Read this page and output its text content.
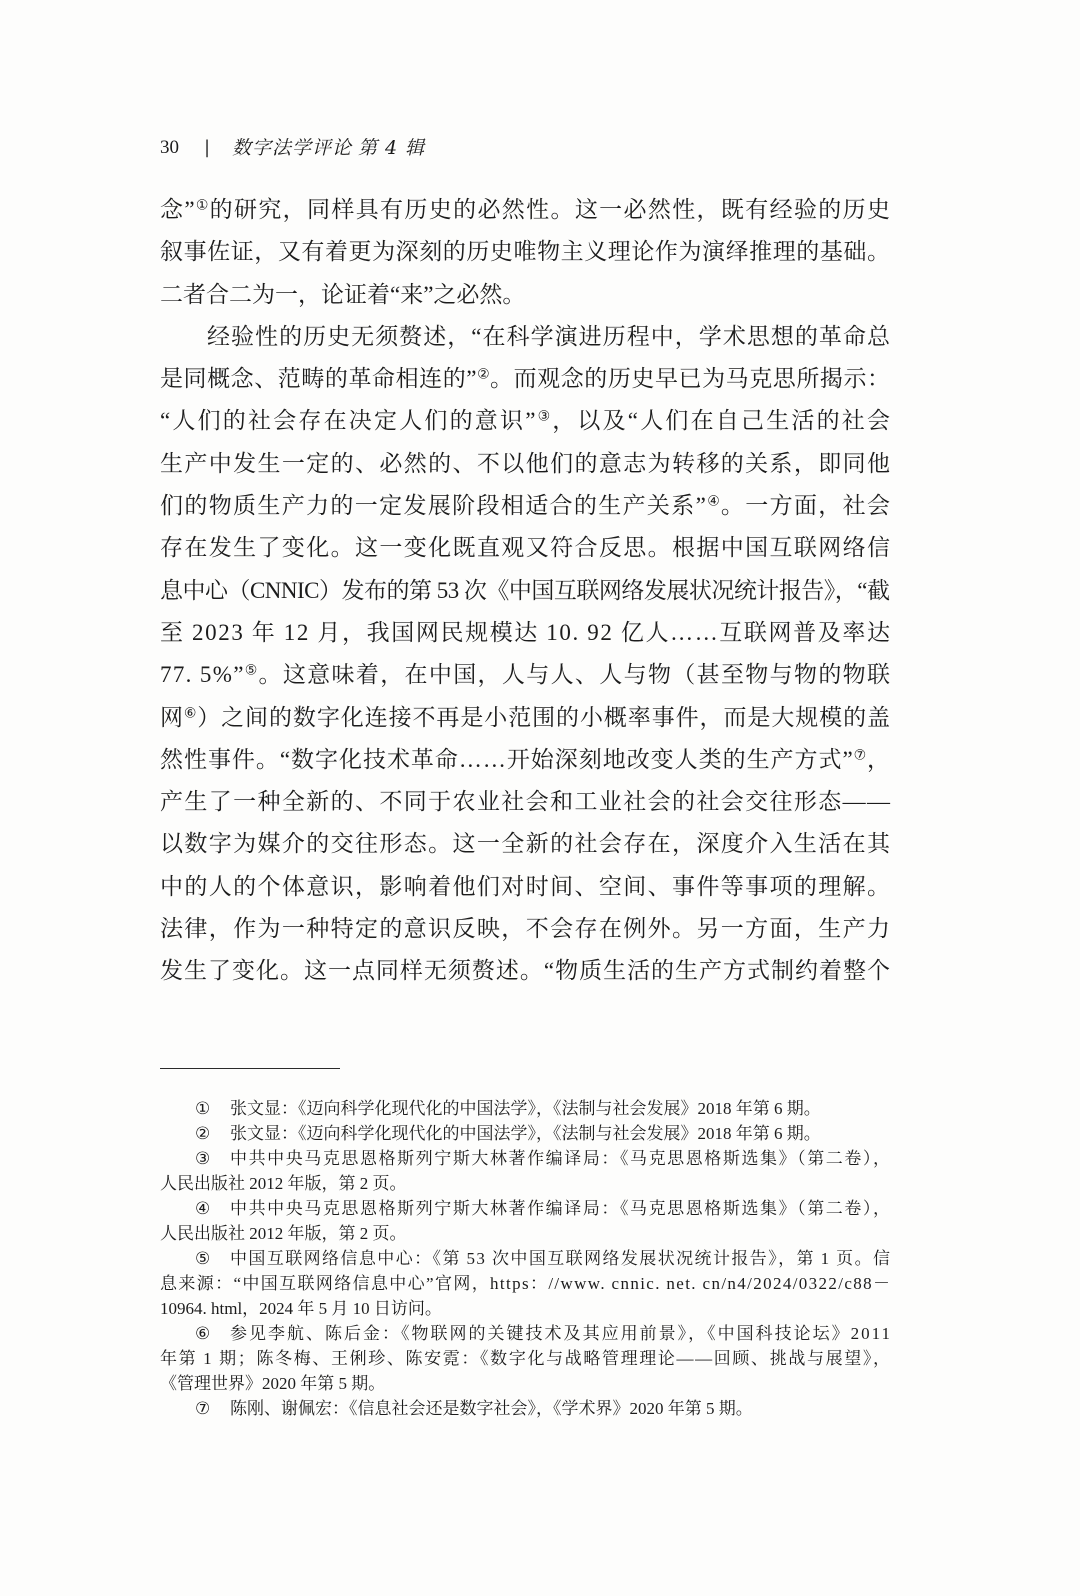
30 | 数字法学评论 第 4 辑
念”①的研究，同样具有历史的必然性。这一必然性，既有经验的历史
叙事佐证，又有着更为深刻的历史唯物主义理论作为演绎推理的基础。
二者合二为一，论证着“来”之必然。
经验性的历史无须赘述，“在科学演进历程中，学术思想的革命总
是同概念、范畴的革命相连的”②。而观念的历史早已为马克思所揭示：
“人们的社会存在决定人们的意识”③，以及“人们在自己生活的社会
生产中发生一定的、必然的、不以他们的意志为转移的关系，即同他
们的物质生产力的一定发展阶段相适合的生产关系”④。一方面，社会
存在发生了变化。这一变化既直观又符合反思。根据中国互联网络信
息中心（CNNIC）发布的第 53 次《中国互联网络发展状况统计报告》，“截
至 2023 年 12 月，我国网民规模达 10. 92 亿人……互联网普及率达
77. 5%”⑤。这意味着，在中国，人与人、人与物（甚至物与物的物联
网⑥）之间的数字化连接不再是小范围的小概率事件，而是大规模的盖
然性事件。“数字化技术革命……开始深刻地改变人类的生产方式”⑦，
产生了一种全新的、不同于农业社会和工业社会的社会交往形态——
以数字为媒介的交往形态。这一全新的社会存在，深度介入生活在其
中的人的个体意识，影响着他们对时间、空间、事件等事项的理解。
法律，作为一种特定的意识反映，不会存在例外。另一方面，生产力
发生了变化。这一点同样无须赘述。“物质生活的生产方式制约着整个
① 张文显：《迈向科学化现代化的中国法学》，《法制与社会发展》2018 年第 6 期。
② 张文显：《迈向科学化现代化的中国法学》，《法制与社会发展》2018 年第 6 期。
③ 中共中央马克思恩格斯列宁斯大林著作编译局：《马克思恩格斯选集》（第二卷），
人民出版社 2012 年版，第 2 页。
④ 中共中央马克思恩格斯列宁斯大林著作编译局：《马克思恩格斯选集》（第二卷），
人民出版社 2012 年版，第 2 页。
⑤ 中国互联网络信息中心：《第 53 次中国互联网络发展状况统计报告》，第 1 页。信
息来源：“中国互联网络信息中心”官网，https：//www. cnnic. net. cn/n4/2024/0322/c88－
10964. html，2024 年 5 月 10 日访问。
⑥ 参见李航、陈后金：《物联网的关键技术及其应用前景》，《中国科技论坛》2011
年第 1 期；陈冬梅、王俐珍、陈安霓：《数字化与战略管理理论——回顾、挑战与展望》，
《管理世界》2020 年第 5 期。
⑦ 陈刚、谢佩宏：《信息社会还是数字社会》，《学术界》2020 年第 5 期。
